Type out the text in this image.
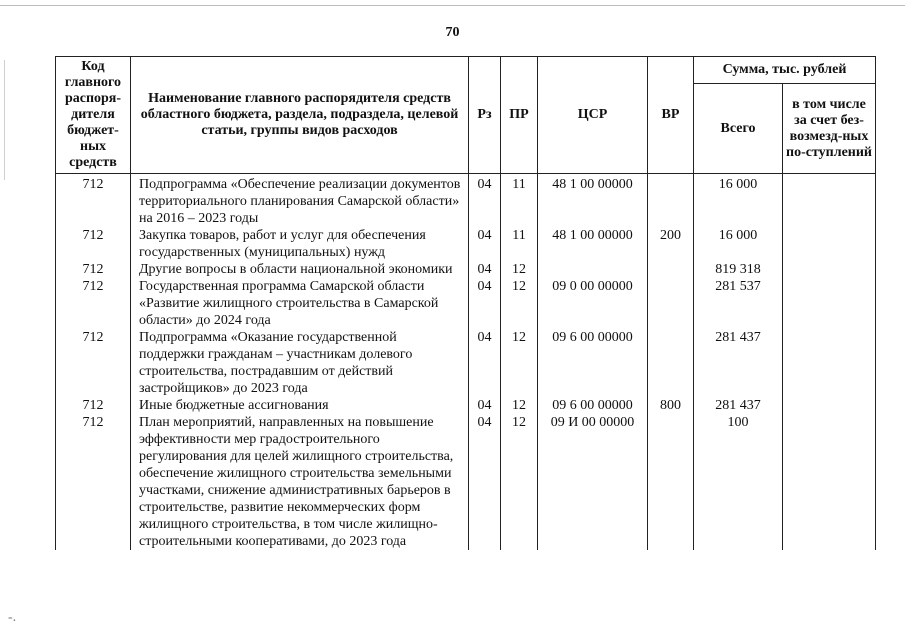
-.
70
Код главного распоря-дителя бюджет-ных средств	Наименование главного распорядителя средств областного бюджета, раздела, подраздела, целевой статьи, группы видов расходов	Рз	ПР	ЦСР	ВР	Сумма, тыс. рублей	
						Всего	в том числе за счет без-возмезд-ных по-ступлений

712	Подпрограмма «Обеспечение реализации документов территориального планирования Самарской области» на 2016 – 2023 годы	04	11	48 1 00 00000		16 000	
712	Закупка товаров, работ и услуг для обеспечения государственных (муниципальных) нужд	04	11	48 1 00 00000	200	16 000	
712	Другие вопросы в области национальной экономики	04	12			819 318	
712	Государственная программа Самарской области «Развитие жилищного строительства в Самарской области» до 2024 года	04	12	09 0 00 00000		281 537	
712	Подпрограмма «Оказание государственной поддержки гражданам – участникам долевого строительства, пострадавшим от действий застройщиков» до 2023 года	04	12	09 6 00 00000		281 437	
712	Иные бюджетные ассигнования	04	12	09 6 00 00000	800	281 437	
712	План мероприятий, направленных на повышение эффективности мер градостроительного регулирования для целей жилищного строительства, обеспечение жилищного строительства земельными участками, снижение административных барьеров в строительстве, развитие некоммерческих форм жилищного строительства, в том числе жилищно-строительными кооперативами, до 2023 года	04	12	09 И 00 00000		100	
